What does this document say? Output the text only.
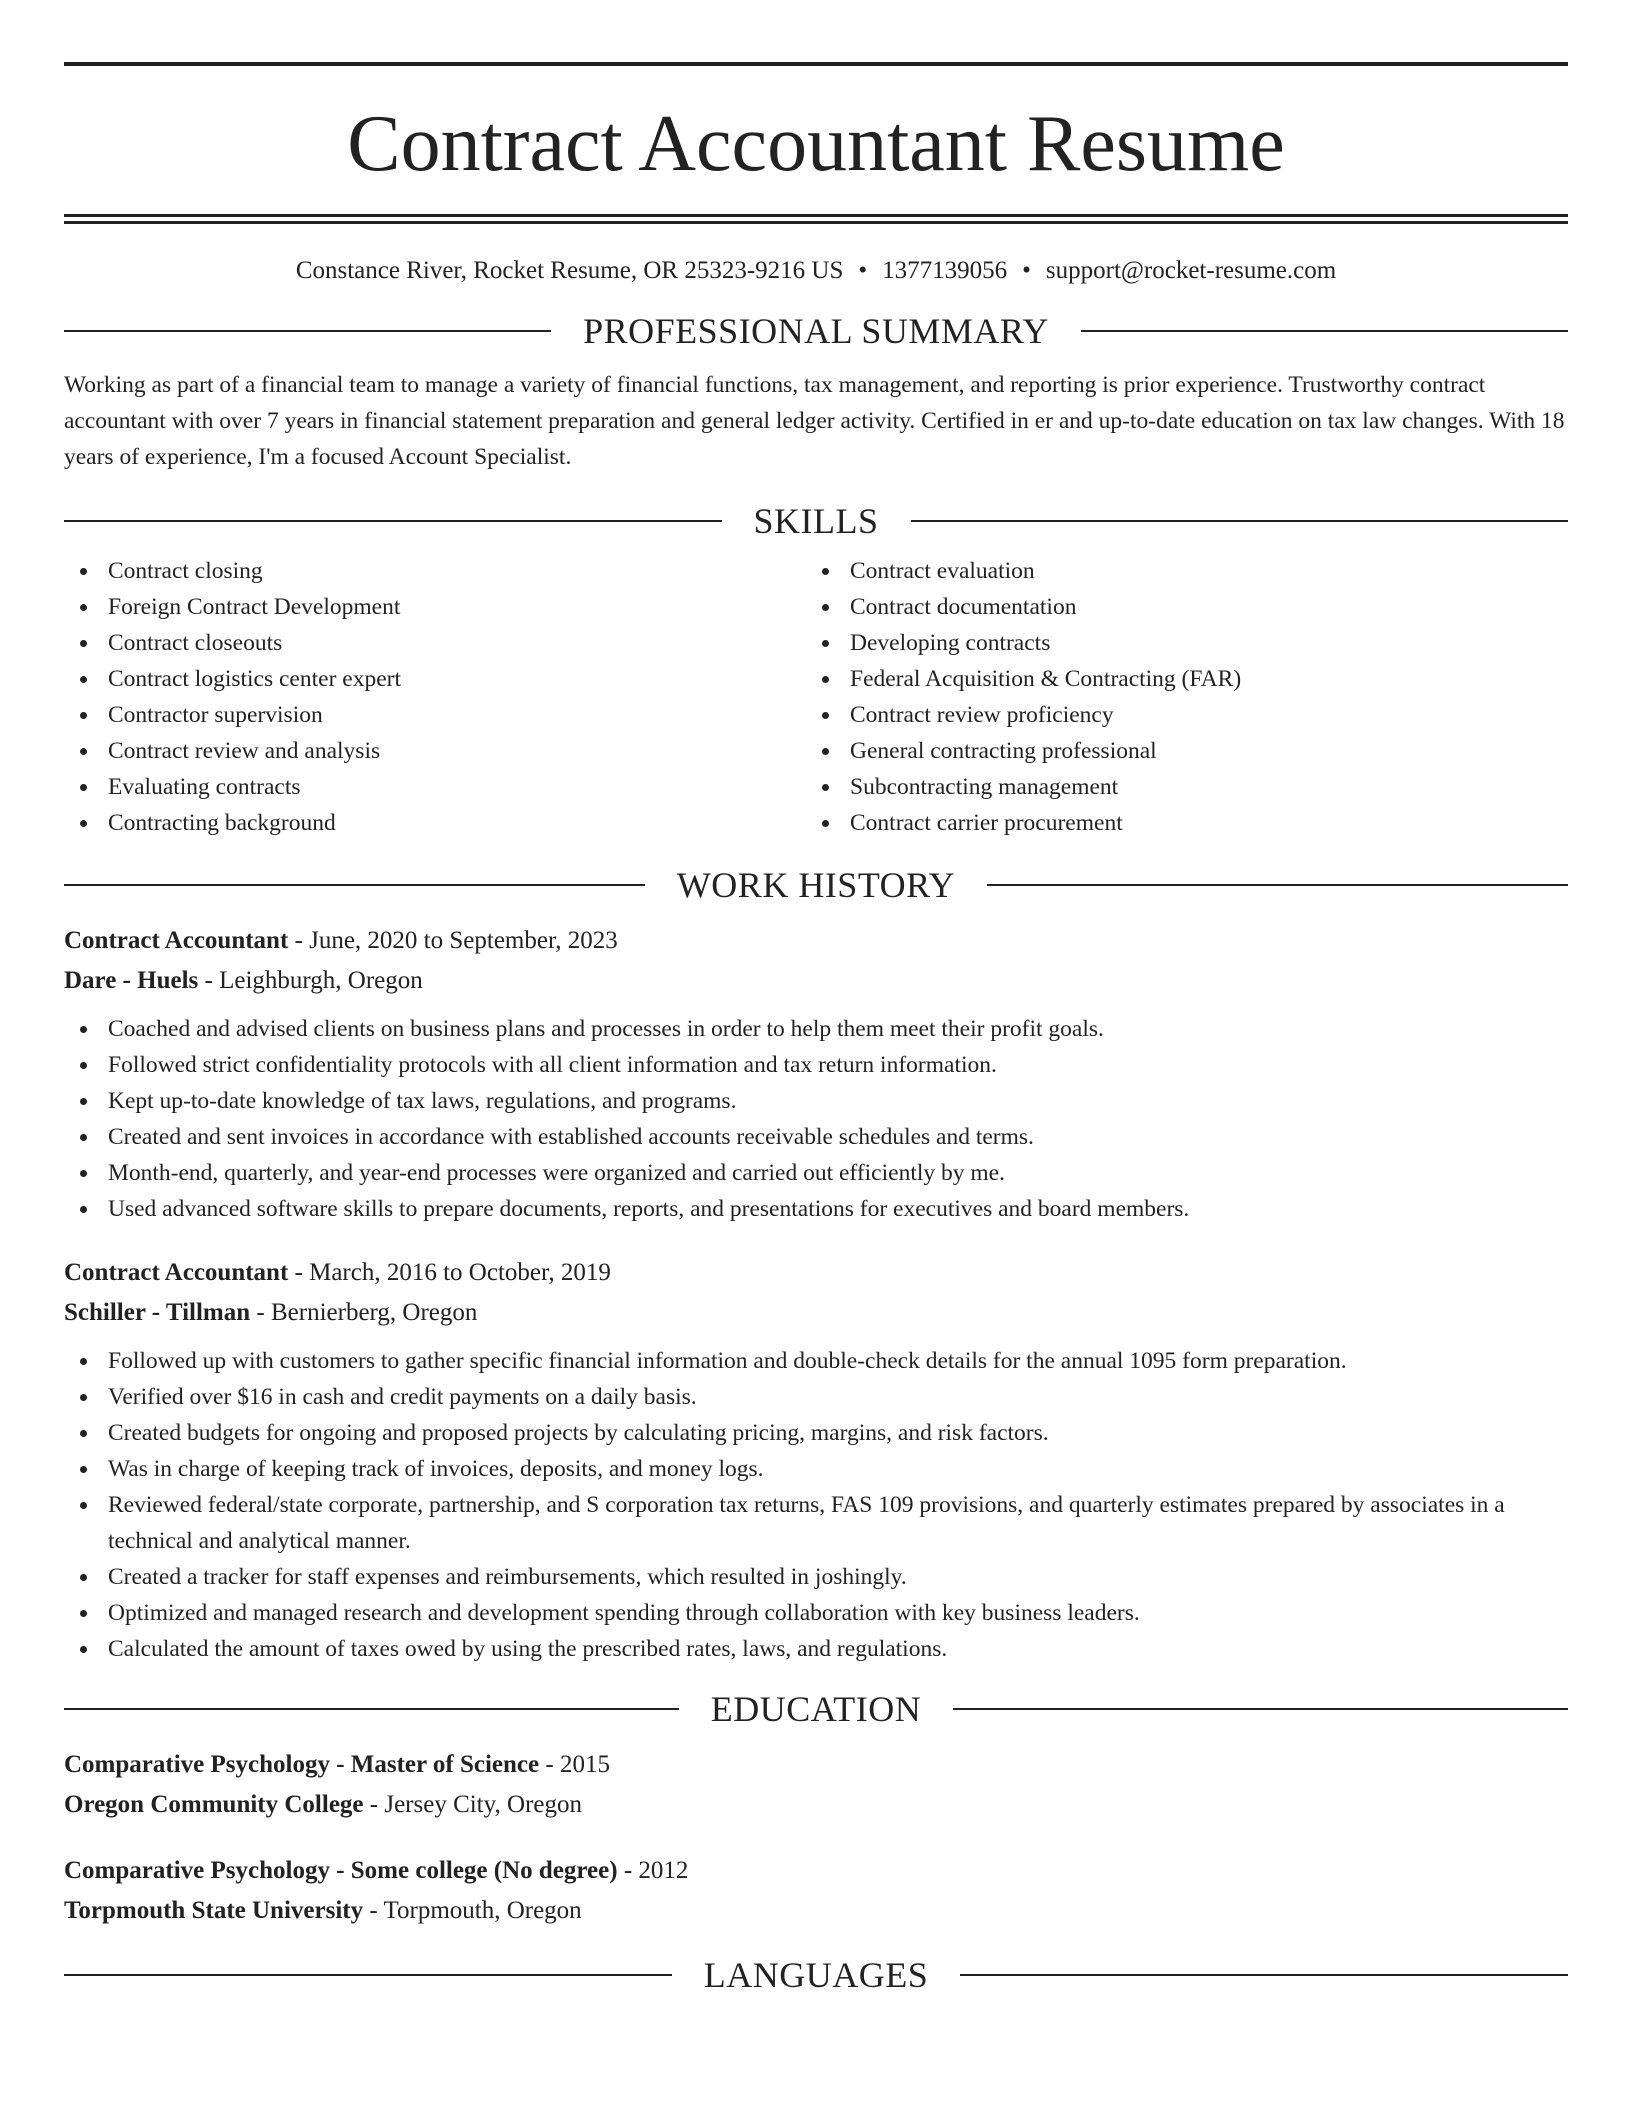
Contract Accountant Resume
Constance River, Rocket Resume, OR 25323-9216 US • 1377139056 • support@rocket-resume.com
PROFESSIONAL SUMMARY

Working as part of a financial team to manage a variety of financial functions, tax management, and reporting is prior experience. Trustworthy contract accountant with over 7 years in financial statement preparation and general ledger activity. Certified in er and up-to-date education on tax law changes. With 18 years of experience, I'm a focused Account Specialist.

SKILLS
Contract closing
Foreign Contract Development
Contract closeouts
Contract logistics center expert
Contractor supervision
Contract review and analysis
Evaluating contracts
Contracting background
Contract evaluation
Contract documentation
Developing contracts
Federal Acquisition & Contracting (FAR)
Contract review proficiency
General contracting professional
Subcontracting management
Contract carrier procurement
WORK HISTORY
Contract Accountant - June, 2020 to September, 2023
Dare - Huels - Leighburgh, Oregon
Coached and advised clients on business plans and processes in order to help them meet their profit goals.
Followed strict confidentiality protocols with all client information and tax return information.
Kept up-to-date knowledge of tax laws, regulations, and programs.
Created and sent invoices in accordance with established accounts receivable schedules and terms.
Month-end, quarterly, and year-end processes were organized and carried out efficiently by me.
Used advanced software skills to prepare documents, reports, and presentations for executives and board members.
Contract Accountant - March, 2016 to October, 2019
Schiller - Tillman - Bernierberg, Oregon
Followed up with customers to gather specific financial information and double-check details for the annual 1095 form preparation.
Verified over $16 in cash and credit payments on a daily basis.
Created budgets for ongoing and proposed projects by calculating pricing, margins, and risk factors.
Was in charge of keeping track of invoices, deposits, and money logs.
Reviewed federal/state corporate, partnership, and S corporation tax returns, FAS 109 provisions, and quarterly estimates prepared by associates in a technical and analytical manner.
Created a tracker for staff expenses and reimbursements, which resulted in joshingly.
Optimized and managed research and development spending through collaboration with key business leaders.
Calculated the amount of taxes owed by using the prescribed rates, laws, and regulations.
EDUCATION
Comparative Psychology - Master of Science - 2015
Oregon Community College - Jersey City, Oregon
Comparative Psychology - Some college (No degree) - 2012
Torpmouth State University - Torpmouth, Oregon
LANGUAGES
